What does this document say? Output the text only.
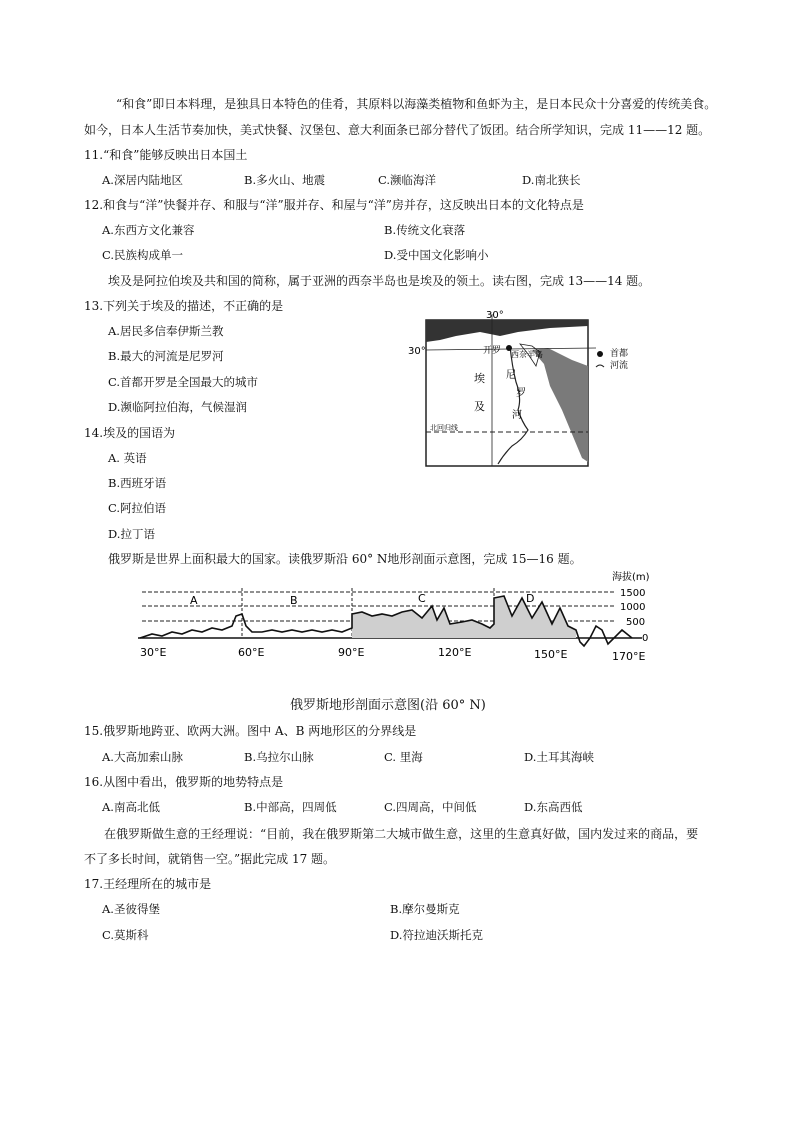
“和食”即日本料理，是独具日本特色的佳肴，其原料以海藻类植物和鱼虾为主，是日本民众十分喜爱的传统美食。
如今，日本人生活节奏加快，美式快餐、汉堡包、意大利面条已部分替代了饭团。结合所学知识，完成 11——12 题。
11.“和食”能够反映出日本国土
A.深居内陆地区	B.多火山、地震	C.濒临海洋	D.南北狭长
12.和食与“洋”快餐并存、和服与“洋”服并存、和屋与“洋”房并存，这反映出日本的文化特点是
A.东西方文化兼容	B.传统文化衰落
C.民族构成单一	D.受中国文化影响小
埃及是阿拉伯埃及共和国的简称，属于亚洲的西奈半岛也是埃及的领土。读右图，完成 13——14 题。
13.下列关于埃及的描述，不正确的是
A.居民多信奉伊斯兰教
B.最大的河流是尼罗河
C.首都开罗是全国最大的城市
D.濒临阿拉伯海，气候湿润
14.埃及的国语为
A. 英语
B.西班牙语
C.阿拉伯语
D.拉丁语
30°
30°	开罗 西奈半岛
埃
及
尼
罗
河
北回归线
首都
河流
俄罗斯是世界上面积最大的国家。读俄罗斯沿 60° N地形剖面示意图，完成 15—16 题。
海拔(m)
1500
1000
500
0
A	B	C	D
30°E	60°E	90°E	120°E	150°E	170°E
俄罗斯地形剖面示意图(沿 60° N)
15.俄罗斯地跨亚、欧两大洲。图中 A、B 两地形区的分界线是
A.大高加索山脉	B.乌拉尔山脉	C. 里海	D.土耳其海峡
16.从图中看出，俄罗斯的地势特点是
A.南高北低	B.中部高，四周低	C.四周高，中间低	D.东高西低
在俄罗斯做生意的王经理说：“目前，我在俄罗斯第二大城市做生意，这里的生意真好做，国内发过来的商品，要
不了多长时间，就销售一空。”据此完成 17 题。
17.王经理所在的城市是
A.圣彼得堡	B.摩尔曼斯克
C.莫斯科	D.符拉迪沃斯托克
